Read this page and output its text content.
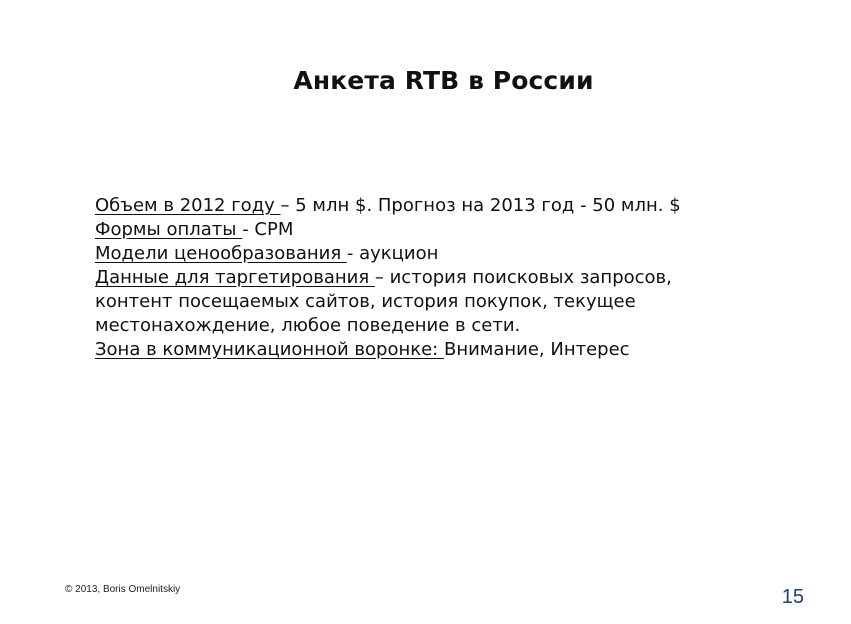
Анкета RTB в России
Объем в 2012 году – 5 млн $. Прогноз на 2013 год - 50 млн. $
Формы оплаты - CPM
Модели ценообразования - аукцион
Данные для таргетирования – история поисковых запросов,
контент посещаемых сайтов, история покупок, текущее
местонахождение, любое поведение в сети.
Зона в коммуникационной воронке: Внимание, Интерес
© 2013, Boris Omelnitskiy	15
